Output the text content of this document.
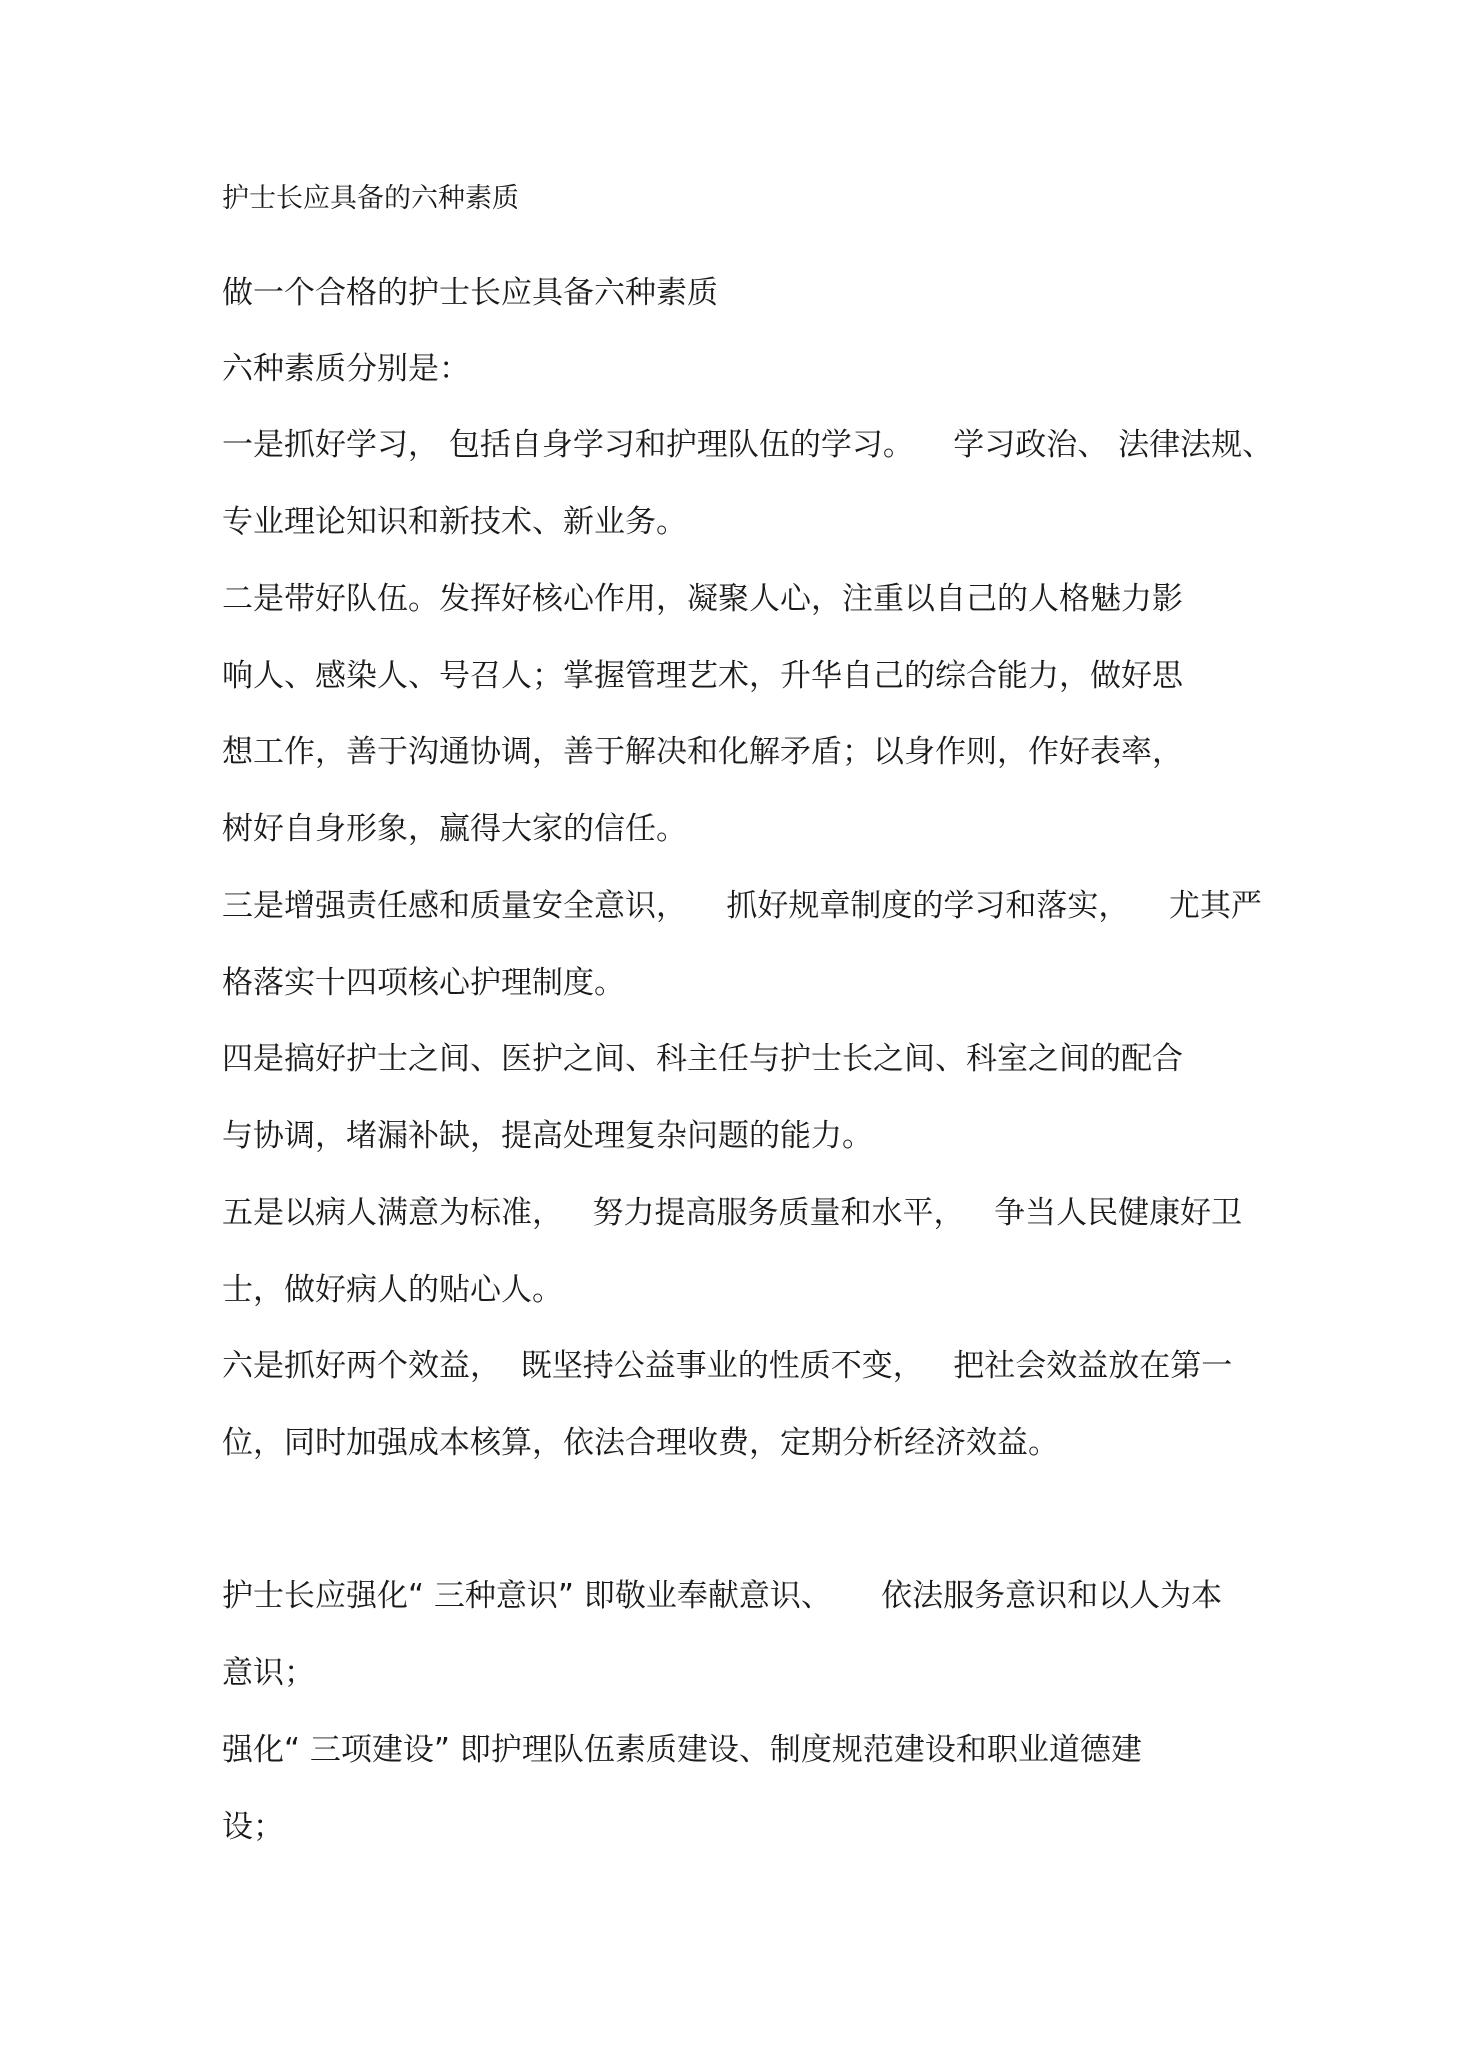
护士长应具备的六种素质
做一个合格的护士长应具备六种素质
六种素质分别是：
一是抓好学习， 包括自身学习和护理队伍的学习。    学习政治、 法律法规、
专业理论知识和新技术、新业务。
二是带好队伍。发挥好核心作用，凝聚人心，注重以自己的人格魅力影
响人、感染人、号召人；掌握管理艺术，升华自己的综合能力，做好思
想工作，善于沟通协调，善于解决和化解矛盾；以身作则，作好表率，
树好自身形象，赢得大家的信任。
三是增强责任感和质量安全意识，    抓好规章制度的学习和落实，    尤其严
格落实十四项核心护理制度。
四是搞好护士之间、医护之间、科主任与护士长之间、科室之间的配合
与协调，堵漏补缺，提高处理复杂问题的能力。
五是以病人满意为标准，   努力提高服务质量和水平，   争当人民健康好卫
士，做好病人的贴心人。
六是抓好两个效益，  既坚持公益事业的性质不变，   把社会效益放在第一
位，同时加强成本核算，依法合理收费，定期分析经济效益。
护士长应强化“ 三种意识” 即敬业奉献意识、     依法服务意识和以人为本
意识；
强化“ 三项建设” 即护理队伍素质建设、制度规范建设和职业道德建
设；
